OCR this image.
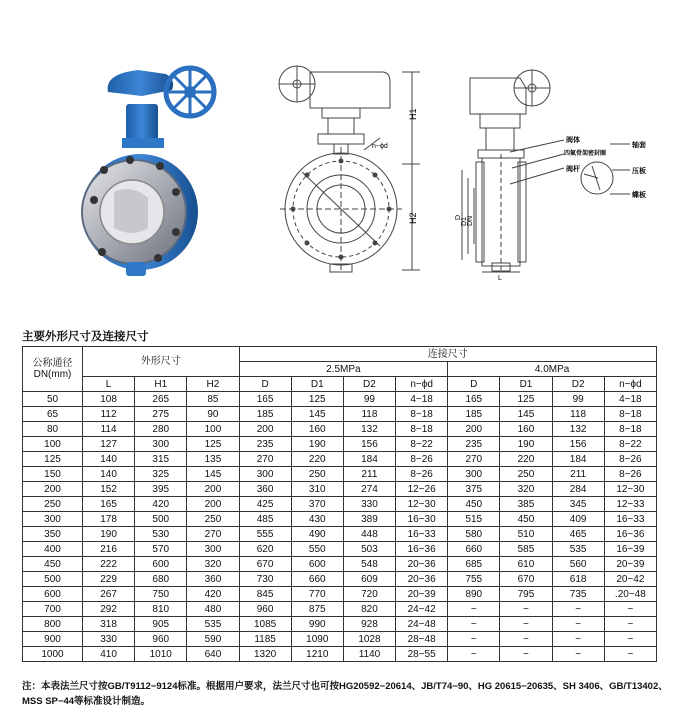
H1
H2
n−ϕd
D D1 DN
L
阀体
四氟骨架密封圈
阀杆
轴套
压板
蝶板
主要外形尺寸及连接尺寸
公称通径DN(mm)	外形尺寸			连接尺寸							
				2.5MPa				4.0MPa			
	L	H1	H2	D	D1	D2	n−ϕd	D	D1	D2	n−ϕd
50	108	265	85	165	125	99	4−18	165	125	99	4−18
65	112	275	90	185	145	118	8−18	185	145	118	8−18
80	114	280	100	200	160	132	8−18	200	160	132	8−18
100	127	300	125	235	190	156	8−22	235	190	156	8−22
125	140	315	135	270	220	184	8−26	270	220	184	8−26
150	140	325	145	300	250	211	8−26	300	250	211	8−26
200	152	395	200	360	310	274	12−26	375	320	284	12−30
250	165	420	200	425	370	330	12−30	450	385	345	12−33
300	178	500	250	485	430	389	16−30	515	450	409	16−33
350	190	530	270	555	490	448	16−33	580	510	465	16−36
400	216	570	300	620	550	503	16−36	660	585	535	16−39
450	222	600	320	670	600	548	20−36	685	610	560	20−39
500	229	680	360	730	660	609	20−36	755	670	618	20−42
600	267	750	420	845	770	720	20−39	890	795	735	.20−48
700	292	810	480	960	875	820	24−42	−	−	−	−
800	318	905	535	1085	990	928	24−48	−	−	−	−
900	330	960	590	1185	1090	1028	28−48	−	−	−	−
1000	410	1010	640	1320	1210	1140	28−55	−	−	−	−
注：本表法兰尺寸按GB/T9112−9124标准。根据用户要求，法兰尺寸也可按HG20592−20614、JB/T74−90、HG 20615−20635、SH 3406、GB/T13402、MSS SP−44等标准设计制造。
